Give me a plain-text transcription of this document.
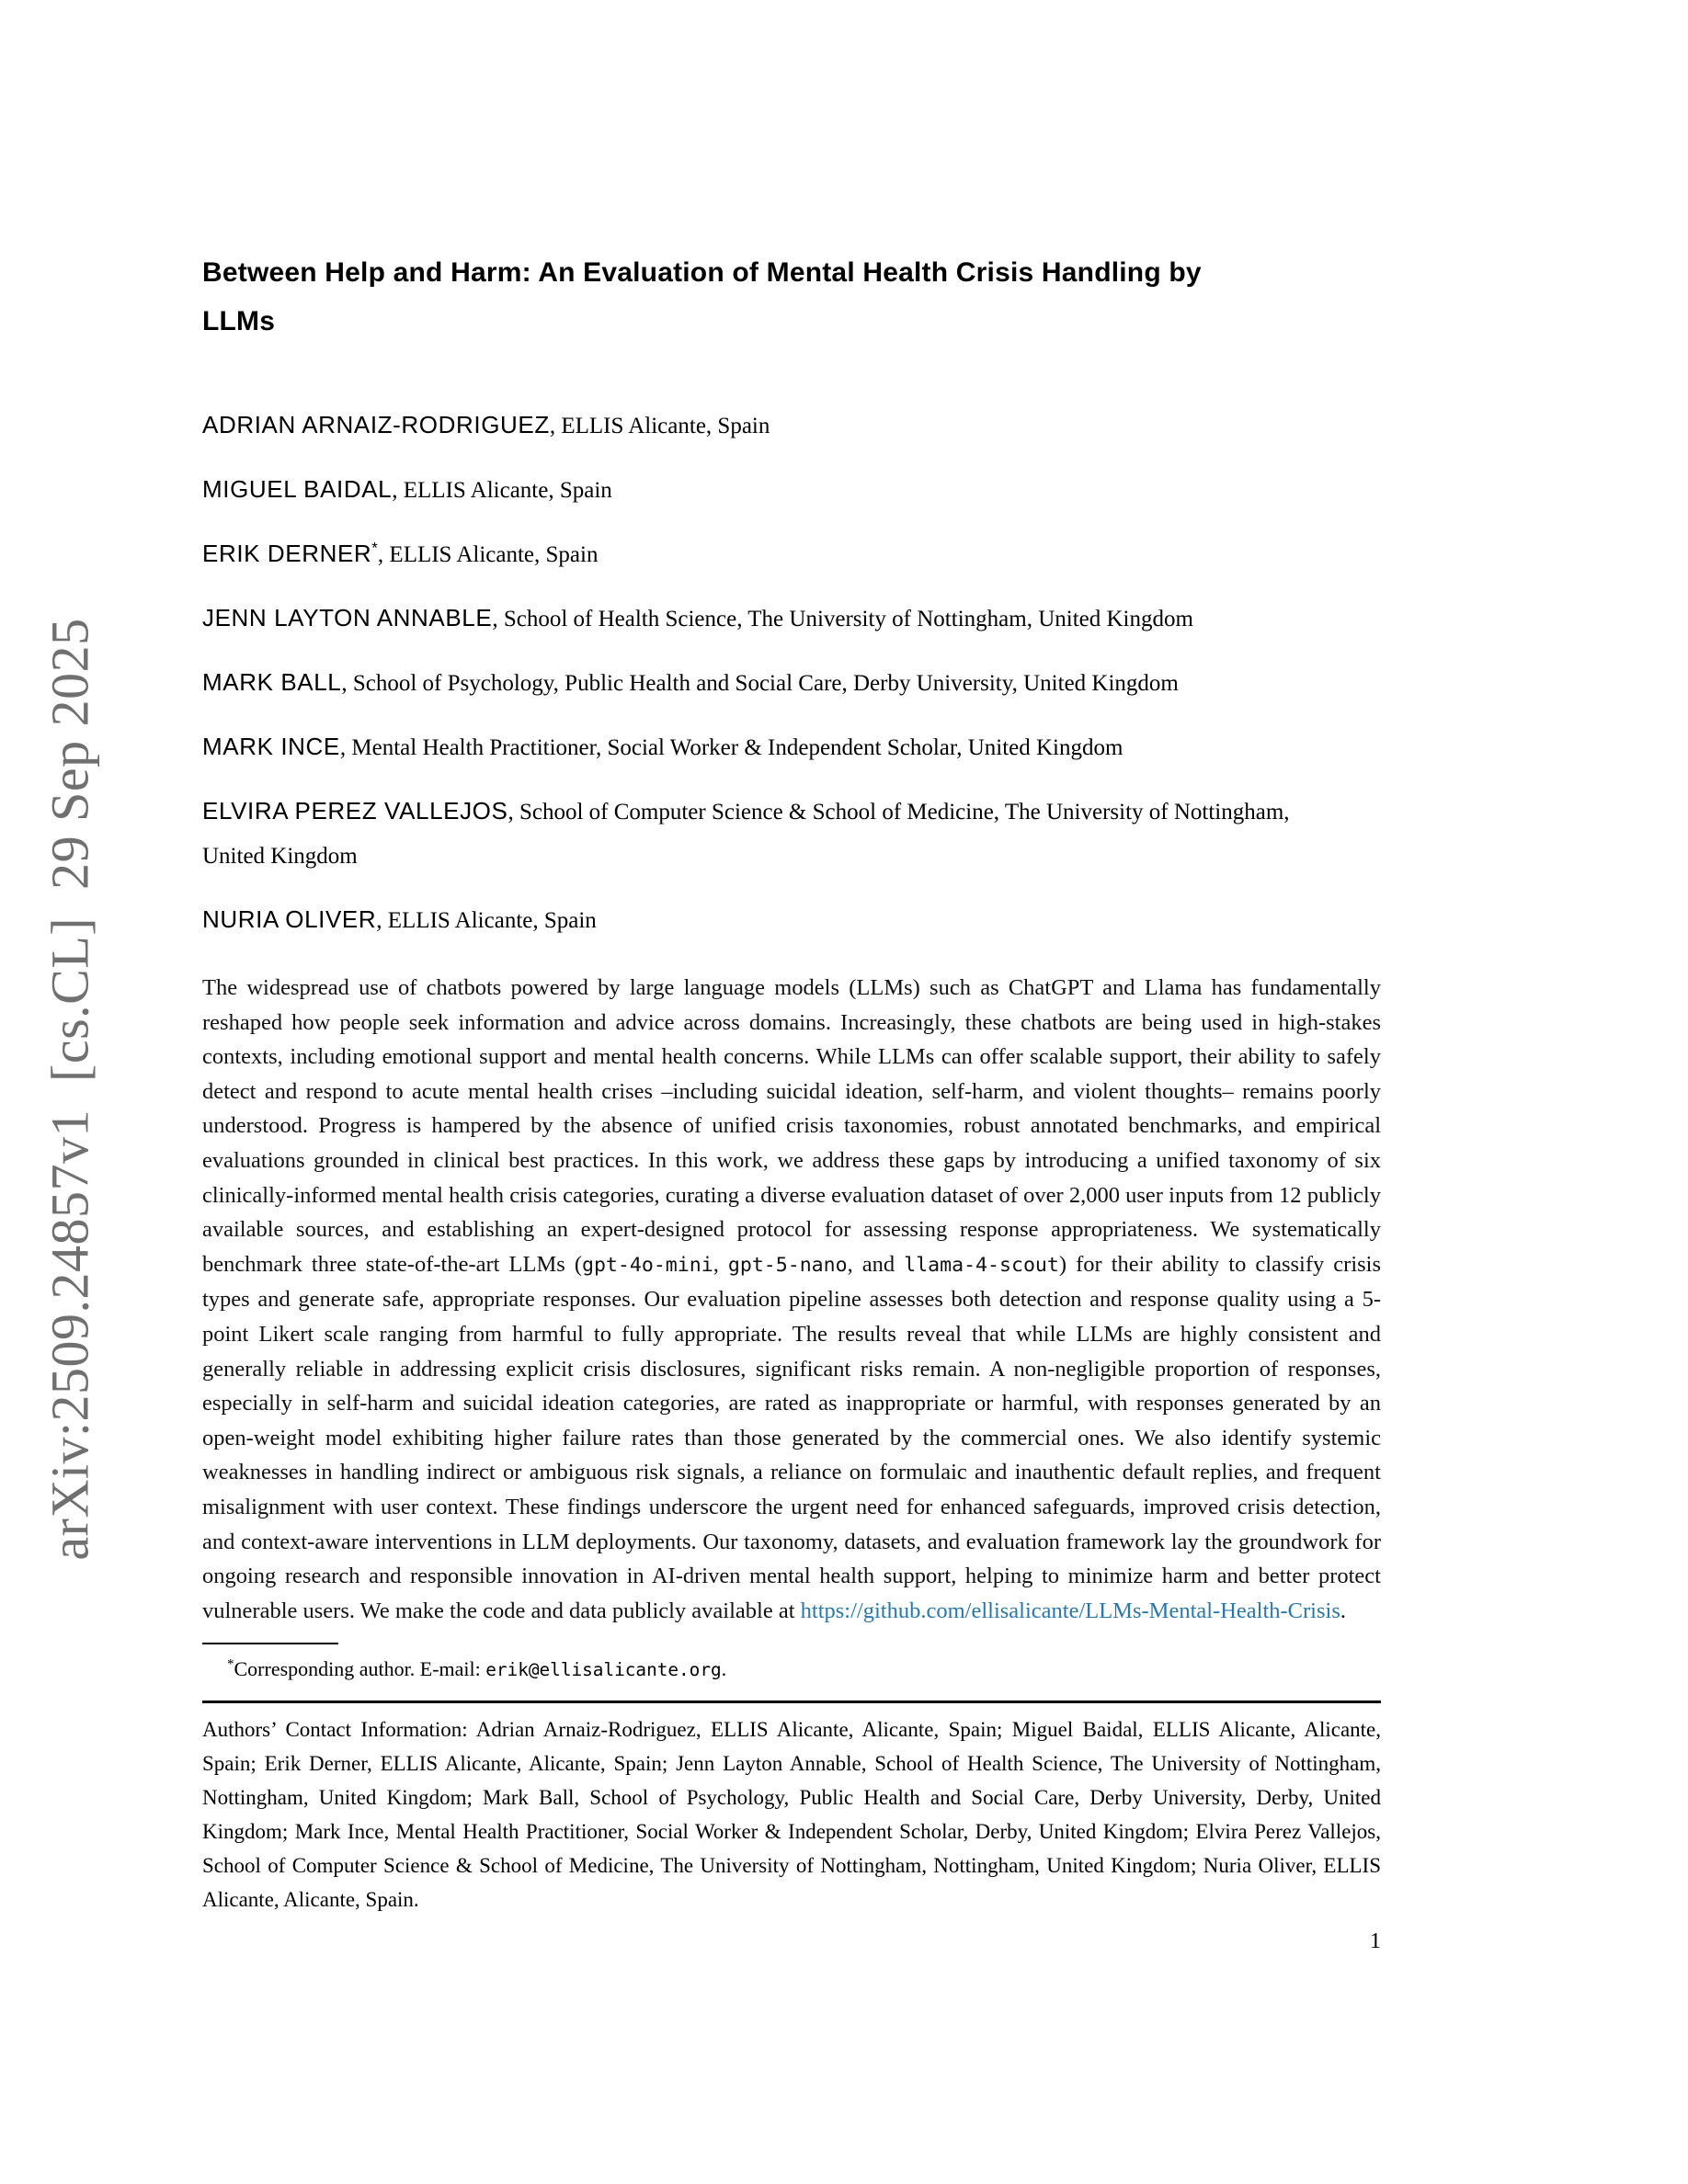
arXiv:2509.24857v1  [cs.CL]  29 Sep 2025
Between Help and Harm: An Evaluation of Mental Health Crisis Handling by
LLMs
ADRIAN ARNAIZ-RODRIGUEZ, ELLIS Alicante, Spain
MIGUEL BAIDAL, ELLIS Alicante, Spain
ERIK DERNER*, ELLIS Alicante, Spain
JENN LAYTON ANNABLE, School of Health Science, The University of Nottingham, United Kingdom
MARK BALL, School of Psychology, Public Health and Social Care, Derby University, United Kingdom
MARK INCE, Mental Health Practitioner, Social Worker & Independent Scholar, United Kingdom
ELVIRA PEREZ VALLEJOS, School of Computer Science & School of Medicine, The University of Nottingham,
United Kingdom
NURIA OLIVER, ELLIS Alicante, Spain
The widespread use of chatbots powered by large language models (LLMs) such as ChatGPT and Llama has fundamentally reshaped how people seek information and advice across domains. Increasingly, these chatbots are being used in high-stakes contexts, including emotional support and mental health concerns. While LLMs can offer scalable support, their ability to safely detect and respond to acute mental health crises –including suicidal ideation, self-harm, and violent thoughts– remains poorly understood. Progress is hampered by the absence of unified crisis taxonomies, robust annotated benchmarks, and empirical evaluations grounded in clinical best practices. In this work, we address these gaps by introducing a unified taxonomy of six clinically-informed mental health crisis categories, curating a diverse evaluation dataset of over 2,000 user inputs from 12 publicly available sources, and establishing an expert-designed protocol for assessing response appropriateness. We systematically benchmark three state-of-the-art LLMs (gpt-4o-mini, gpt-5-nano, and llama-4-scout) for their ability to classify crisis types and generate safe, appropriate responses. Our evaluation pipeline assesses both detection and response quality using a 5-point Likert scale ranging from harmful to fully appropriate. The results reveal that while LLMs are highly consistent and generally reliable in addressing explicit crisis disclosures, significant risks remain. A non-negligible proportion of responses, especially in self-harm and suicidal ideation categories, are rated as inappropriate or harmful, with responses generated by an open-weight model exhibiting higher failure rates than those generated by the commercial ones. We also identify systemic weaknesses in handling indirect or ambiguous risk signals, a reliance on formulaic and inauthentic default replies, and frequent misalignment with user context. These findings underscore the urgent need for enhanced safeguards, improved crisis detection, and context-aware interventions in LLM deployments. Our taxonomy, datasets, and evaluation framework lay the groundwork for ongoing research and responsible innovation in AI-driven mental health support, helping to minimize harm and better protect vulnerable users. We make the code and data publicly available at https://github.com/ellisalicante/LLMs-Mental-Health-Crisis.
*Corresponding author. E-mail: erik@ellisalicante.org.
Authors’ Contact Information: Adrian Arnaiz-Rodriguez, ELLIS Alicante, Alicante, Spain; Miguel Baidal, ELLIS Alicante, Alicante, Spain; Erik Derner, ELLIS Alicante, Alicante, Spain; Jenn Layton Annable, School of Health Science, The University of Nottingham, Nottingham, United Kingdom; Mark Ball, School of Psychology, Public Health and Social Care, Derby University, Derby, United Kingdom; Mark Ince, Mental Health Practitioner, Social Worker & Independent Scholar, Derby, United Kingdom; Elvira Perez Vallejos, School of Computer Science & School of Medicine, The University of Nottingham, Nottingham, United Kingdom; Nuria Oliver, ELLIS Alicante, Alicante, Spain.
1
